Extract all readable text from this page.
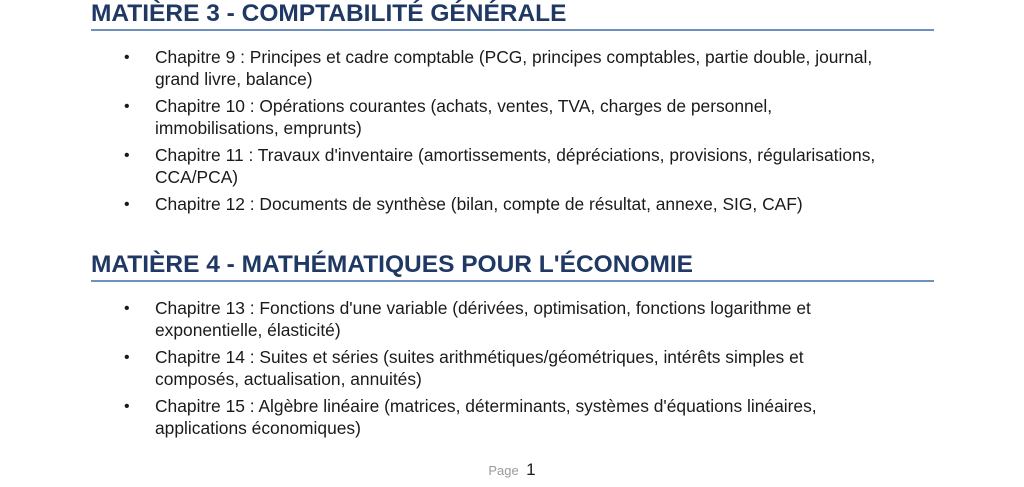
MATIÈRE 3 - COMPTABILITÉ GÉNÉRALE
• Chapitre 9 : Principes et cadre comptable (PCG, principes comptables, partie double, journal, grand livre, balance)
• Chapitre 10 : Opérations courantes (achats, ventes, TVA, charges de personnel, immobilisations, emprunts)
• Chapitre 11 : Travaux d'inventaire (amortissements, dépréciations, provisions, régularisations, CCA/PCA)
• Chapitre 12 : Documents de synthèse (bilan, compte de résultat, annexe, SIG, CAF)
MATIÈRE 4 - MATHÉMATIQUES POUR L'ÉCONOMIE
• Chapitre 13 : Fonctions d'une variable (dérivées, optimisation, fonctions logarithme et exponentielle, élasticité)
• Chapitre 14 : Suites et séries (suites arithmétiques/géométriques, intérêts simples et composés, actualisation, annuités)
• Chapitre 15 : Algèbre linéaire (matrices, déterminants, systèmes d'équations linéaires, applications économiques)
Page 1
